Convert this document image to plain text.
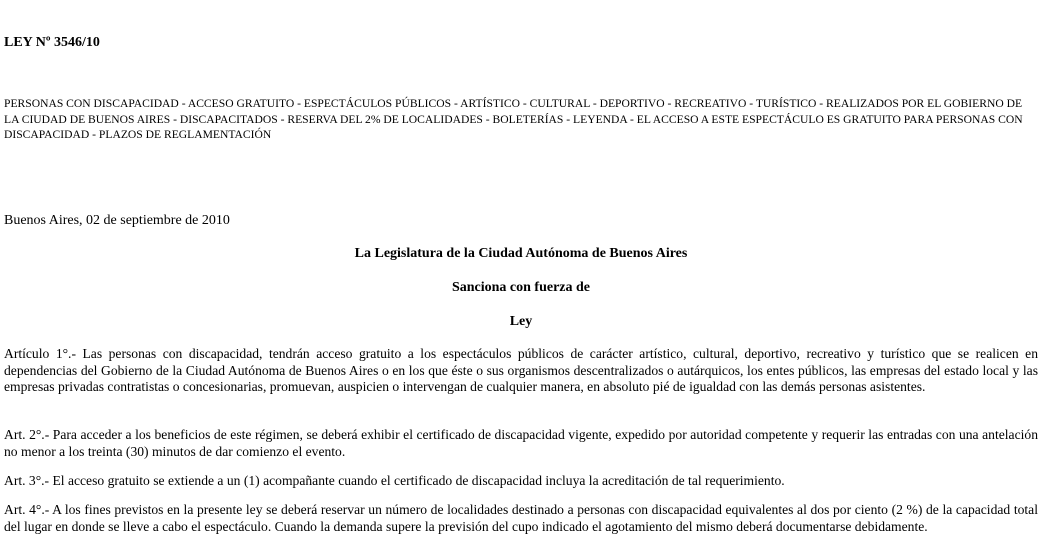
LEY Nº 3546/10
PERSONAS CON DISCAPACIDAD - ACCESO GRATUITO - ESPECTÁCULOS PÚBLICOS - ARTÍSTICO - CULTURAL - DEPORTIVO - RECREATIVO - TURÍSTICO - REALIZADOS POR EL GOBIERNO DE LA CIUDAD DE BUENOS AIRES - DISCAPACITADOS - RESERVA DEL 2% DE LOCALIDADES - BOLETERÍAS - LEYENDA - EL ACCESO A ESTE ESPECTÁCULO ES GRATUITO PARA PERSONAS CON DISCAPACIDAD - PLAZOS DE REGLAMENTACIÓN
Buenos Aires, 02 de septiembre de 2010
La Legislatura de la Ciudad Autónoma de Buenos Aires
Sanciona con fuerza de
Ley

Artículo 1°.- Las personas con discapacidad, tendrán acceso gratuito a los espectáculos públicos de carácter artístico, cultural, deportivo, recreativo y turístico que se realicen en dependencias del Gobierno de la Ciudad Autónoma de Buenos Aires o en los que éste o sus organismos descentralizados o autárquicos, los entes públicos, las empresas del estado local y las empresas privadas contratistas o concesionarias, promuevan, auspicien o intervengan de cualquier manera, en absoluto pié de igualdad con las demás personas asistentes.

Art. 2°.- Para acceder a los beneficios de este régimen, se deberá exhibir el certificado de discapacidad vigente, expedido por autoridad competente y requerir las entradas con una antelación no menor a los treinta (30) minutos de dar comienzo el evento.

Art. 3°.- El acceso gratuito se extiende a un (1) acompañante cuando el certificado de discapacidad incluya la acreditación de tal requerimiento.

Art. 4°.- A los fines previstos en la presente ley se deberá reservar un número de localidades destinado a personas con discapacidad equivalentes al dos por ciento (2 %) de la capacidad total del lugar en donde se lleve a cabo el espectáculo. Cuando la demanda supere la previsión del cupo indicado el agotamiento del mismo deberá documentarse debidamente.
